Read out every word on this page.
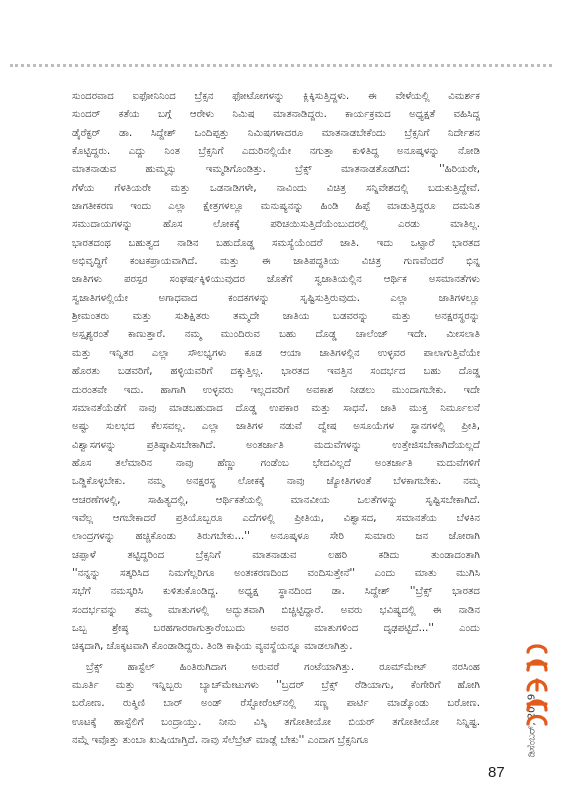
ಸುಂದರವಾದ ಐಫೋನಿನಿಂದ ಬ್ರೆಕ್ಸನ ಫೋಟೋಗಳನ್ನು ಕ್ಲಿಕ್ಕಿಸುತ್ತಿದ್ದಳು. ಈ ವೇಳೆಯಲ್ಲಿ ವಿಮರ್ಶಕ
ಸುಂದರ್ ಕತೆಯ ಬಗ್ಗೆ ಆರೇಳು ನಿಮಿಷ ಮಾತನಾಡಿದ್ದರು. ಕಾರ್ಯಕ್ರಮದ ಅಧ್ಯಕ್ಷತೆ ವಹಿಸಿದ್ದ
ಡೈರೆಕ್ಟರ್ ಡಾ. ಸಿದ್ದೇಶ್ ಒಂದಿಪ್ಪತ್ತು ನಿಮಿಷಗಳಾದರೂ ಮಾತನಾಡಬೇಕೆಂದು ಬ್ರೆಕ್ಸನಿಗೆ ನಿರ್ದೇಶನ
ಕೊಟ್ಟಿದ್ದರು. ಎದ್ದು ನಿಂತ ಬ್ರೆಕ್ಸನಿಗೆ ಎದುರಿನಲ್ಲಿಯೇ ನಗುತ್ತಾ ಕುಳಿತಿದ್ದ ಅನೂಷ್ಕಳನ್ನು ನೋಡಿ
ಮಾತನಾಡುವ ಹುಮ್ಮಸ್ಸು ಇಮ್ಮಡಿಗೊಂಡಿತ್ತು. ಬ್ರೆಕ್ಸ್ ಮಾತನಾಡತೊಡಗಿದ: ''ಹಿರಿಯರೇ,
ಗೆಳೆಯ ಗೆಳತಿಯರೇ ಮತ್ತು ಒಡನಾಡಿಗಳೇ, ನಾವಿಂದು ವಿಚಿತ್ರ ಸನ್ನಿವೇಶದಲ್ಲಿ ಬದುಕುತ್ತಿದ್ದೇವೆ.
ಜಾಗತೀಕರಣ ಇಂದು ಎಲ್ಲಾ ಕ್ಷೇತ್ರಗಳಲ್ಲೂ ಮನುಷ್ಯನನ್ನು ಹಿಂಡಿ ಹಿಪ್ಪೆ ಮಾಡುತ್ತಿದ್ದರೂ ದಮನಿತ
ಸಮುದಾಯಗಳನ್ನು ಹೊಸ ಲೋಕಕ್ಕೆ ಪರಿಚಯಿಸುತ್ತಿದೆಯೆಂಬುದರಲ್ಲಿ ಎರಡು ಮಾತಿಲ್ಲ.
ಭಾರತದಂಥ ಬಹುತ್ವದ ನಾಡಿನ ಬಹುದೊಡ್ಡ ಸಮಸ್ಯೆಯೆಂದರೆ ಜಾತಿ. ಇದು ಒಟ್ಟಾರೆ ಭಾರತದ
ಅಭಿವೃದ್ಧಿಗೆ ಕಂಟಕಪ್ರಾಯವಾಗಿದೆ. ಮತ್ತು ಈ ಜಾತಿಪದ್ಧತಿಯ ವಿಚಿತ್ರ ಗುಣವೆಂದರೆ ಭಿನ್ನ
ಜಾತಿಗಳು ಪರಸ್ಪರ ಸಂಘರ್ಷಕ್ಕಿಳಿಯುವುದರ ಜೊತೆಗೆ ಸ್ವಜಾತಿಯಲ್ಲಿನ ಆರ್ಥಿಕ ಅಸಮಾನತೆಗಳು
ಸ್ವಜಾತಿಗಳಲ್ಲಿಯೇ ಅಗಾಧವಾದ ಕಂದಕಗಳನ್ನು ಸೃಷ್ಟಿಸುತ್ತಿರುವುದು. ಎಲ್ಲಾ ಜಾತಿಗಳಲ್ಲೂ
ಶ್ರೀಮಂತರು ಮತ್ತು ಸುಶಿಕ್ಷಿತರು ತಮ್ಮದೇ ಜಾತಿಯ ಬಡವರನ್ನು ಮತ್ತು ಅನಕ್ಷರಸ್ಥರನ್ನು
ಅಸ್ಪೃಶ್ಯರಂತೆ ಕಾಣುತ್ತಾರೆ. ನಮ್ಮ ಮುಂದಿರುವ ಬಹು ದೊಡ್ಡ ಚಾಲೆಂಜ್ ಇದೇ. ಮೀಸಲಾತಿ
ಮತ್ತು ಇನ್ನಿತರ ಎಲ್ಲಾ ಸೌಲಭ್ಯಗಳು ಕೂಡ ಆಯಾ ಜಾತಿಗಳಲ್ಲಿನ ಉಳ್ಳವರ ಪಾಲಾಗುತ್ತಿವೆಯೇ
ಹೊರತು ಬಡವರಿಗೆ, ಹಳ್ಳಿಯವರಿಗೆ ದಕ್ಕುತ್ತಿಲ್ಲ. ಭಾರತದ ಇವತ್ತಿನ ಸಂದರ್ಭದ ಬಹು ದೊಡ್ಡ
ದುರಂತವೇ ಇದು. ಹಾಗಾಗಿ ಉಳ್ಳವರು ಇಲ್ಲದವರಿಗೆ ಅವಕಾಶ ನೀಡಲು ಮುಂದಾಗಬೇಕು. ಇದೇ
ಸಮಾನತೆಯೆಡೆಗೆ ನಾವು ಮಾಡಬಹುದಾದ ದೊಡ್ಡ ಉಪಕಾರ ಮತ್ತು ಸಾಧನೆ. ಜಾತಿ ಮುಕ್ತ ನಿರ್ಮೂಲನೆ
ಅಷ್ಟು ಸುಲಭದ ಕೆಲಸವಲ್ಲ. ಎಲ್ಲಾ ಜಾತಿಗಳ ನಡುವೆ ದ್ವೇಷ ಅಸೂಯೆಗಳ ಸ್ಥಾನಗಳಲ್ಲಿ ಪ್ರೀತಿ,
ವಿಶ್ವಾಸಗಳನ್ನು ಪ್ರತಿಷ್ಠಾಪಿಸಬೇಕಾಗಿದೆ. ಅಂತರ್ಜಾತಿ ಮದುವೆಗಳನ್ನು ಉತ್ತೇಜಿಸಬೇಕಾಗಿದೆಯಲ್ಲದೆ
ಹೊಸ ತಲೆಮಾರಿನ ನಾವು ಹೆಣ್ಣು ಗಂಡೆಂಬ ಭೇದವಿಲ್ಲದೆ ಅಂತರ್ಜಾತಿ ಮದುವೆಗಳಿಗೆ
ಒಡ್ಡಿಕೊಳ್ಳಬೇಕು. ನಮ್ಮ ಅನಕ್ಷರಸ್ಥ ಲೋಕಕ್ಕೆ ನಾವು ಜ್ಯೋತಿಗಳಂತೆ ಬೆಳಕಾಗಬೇಕು. ನಮ್ಮ
ಆಚರಣೆಗಳಲ್ಲಿ, ಸಾಹಿತ್ಯದಲ್ಲಿ, ಆರ್ಥಿಕತೆಯಲ್ಲಿ ಮಾನವೀಯ ಒಲತೆಗಳನ್ನು ಸೃಷ್ಟಿಸಬೇಕಾಗಿದೆ.
ಇವೆಲ್ಲ ಆಗಬೇಕಾದರೆ ಪ್ರತಿಯೊಬ್ಬರೂ ಎದೆಗಳಲ್ಲಿ ಪ್ರೀತಿಯ, ವಿಶ್ವಾಸದ, ಸಮಾನತೆಯ ಬೆಳಕಿನ
ಲಾಂದ್ರಗಳನ್ನು ಹಚ್ಚಿಕೊಂಡು ತಿರುಗಬೇಕು...'' ಅನೂಷ್ಕಳೂ ಸೇರಿ ಸುಮಾರು ಜನ ಜೋರಾಗಿ
ಚಪ್ಪಾಳೆ ತಟ್ಟಿದ್ದರಿಂದ ಬ್ರೆಕ್ಸನಿಗೆ ಮಾತನಾಡುವ ಲಹರಿ ಕಡಿದು ತುಂಡಾದಂತಾಗಿ
''ನನ್ನನ್ನು ಸತ್ಕರಿಸಿದ ನಿಮಗೆಲ್ಲರಿಗೂ ಅಂತಃಕರಣದಿಂದ ವಂದಿಸುತ್ತೇನೆ'' ಎಂದು ಮಾತು ಮುಗಿಸಿ
ಸಭೆಗೆ ನಮಸ್ಕರಿಸಿ ಕುಳಿತುಕೊಂಡಿದ್ದ. ಅಧ್ಯಕ್ಷ ಸ್ಥಾನದಿಂದ ಡಾ. ಸಿದ್ದೇಶ್ ''ಬ್ರೆಕ್ಸ್ ಭಾರತದ
ಸಂದರ್ಭವನ್ನು ತಮ್ಮ ಮಾತುಗಳಲ್ಲಿ ಅದ್ಭುತವಾಗಿ ಬಿಚ್ಚಿಟ್ಟಿದ್ದಾರೆ. ಅವರು ಭವಿಷ್ಯದಲ್ಲಿ ಈ ನಾಡಿನ
ಒಬ್ಬ ಶ್ರೇಷ್ಠ ಬರಹಗಾರರಾಗುತ್ತಾರೆಂಬುದು ಅವರ ಮಾತುಗಳಿಂದ ದೃಢಪಟ್ಟಿದೆ...'' ಎಂದು
ಚಿಕ್ಕದಾಗಿ, ಚೊಕ್ಕಟವಾಗಿ ಕೊಂಡಾಡಿದ್ದರು. ತಿಂಡಿ ಕಾಫಿಯ ವ್ಯವಸ್ಥೆಯನ್ನೂ ಮಾಡಲಾಗಿತ್ತು.
ಬ್ರೆಕ್ಸ್ ಹಾಸ್ಟೆಲ್ ಹಿಂತಿರುಗಿದಾಗ ಅರುವರೆ ಗಂಟೆಯಾಗಿತ್ತು. ರೂಮ್‌ಮೇಟ್ ನರಸಿಂಹ
ಮೂರ್ತಿ ಮತ್ತು ಇನ್ನಿಬ್ಬರು ಬ್ಯಾಚ್‌ಮೇಟುಗಳು ''ಬ್ರದರ್ ಬ್ರೆಕ್ಸ್ ರೆಡಿಯಾಗು, ಕೆಂಗೇರಿಗೆ ಹೋಗಿ
ಬರೋಣ. ರುಕ್ಮಿಣಿ ಬಾರ್ ಅಂಡ್ ರೆಸ್ಟೋರೆಂಟ್‌ನಲ್ಲಿ ಸಣ್ಣ ಪಾರ್ಟಿ ಮಾಡ್ಕೊಂಡು ಬರೋಣ.
ಊಟಕ್ಕೆ ಹಾಸ್ಟೆಲಿಗೆ ಬಂದ್ರಾಯ್ತು. ನೀನು ವಿಸ್ಕಿ ತಗೋತೀಯೋ ಬಿಯರ್ ತಗೋತೀಯೋ ನಿನ್ನಿಷ್ಟ.
ನಮ್ಗೆ ಇವೊತ್ತು ತುಂಬಾ ಖುಷಿಯಾಗ್ತಿದೆ. ನಾವು ಸೆಲೆಬ್ರೆಟ್ ಮಾಡ್ಲೆ ಬೇಕು'' ಎಂದಾಗ ಬ್ರೆಕ್ಸನಿಗೂ	ಡಿಸೆಂಬರ್, 2019 ಮಯೂರ
87
